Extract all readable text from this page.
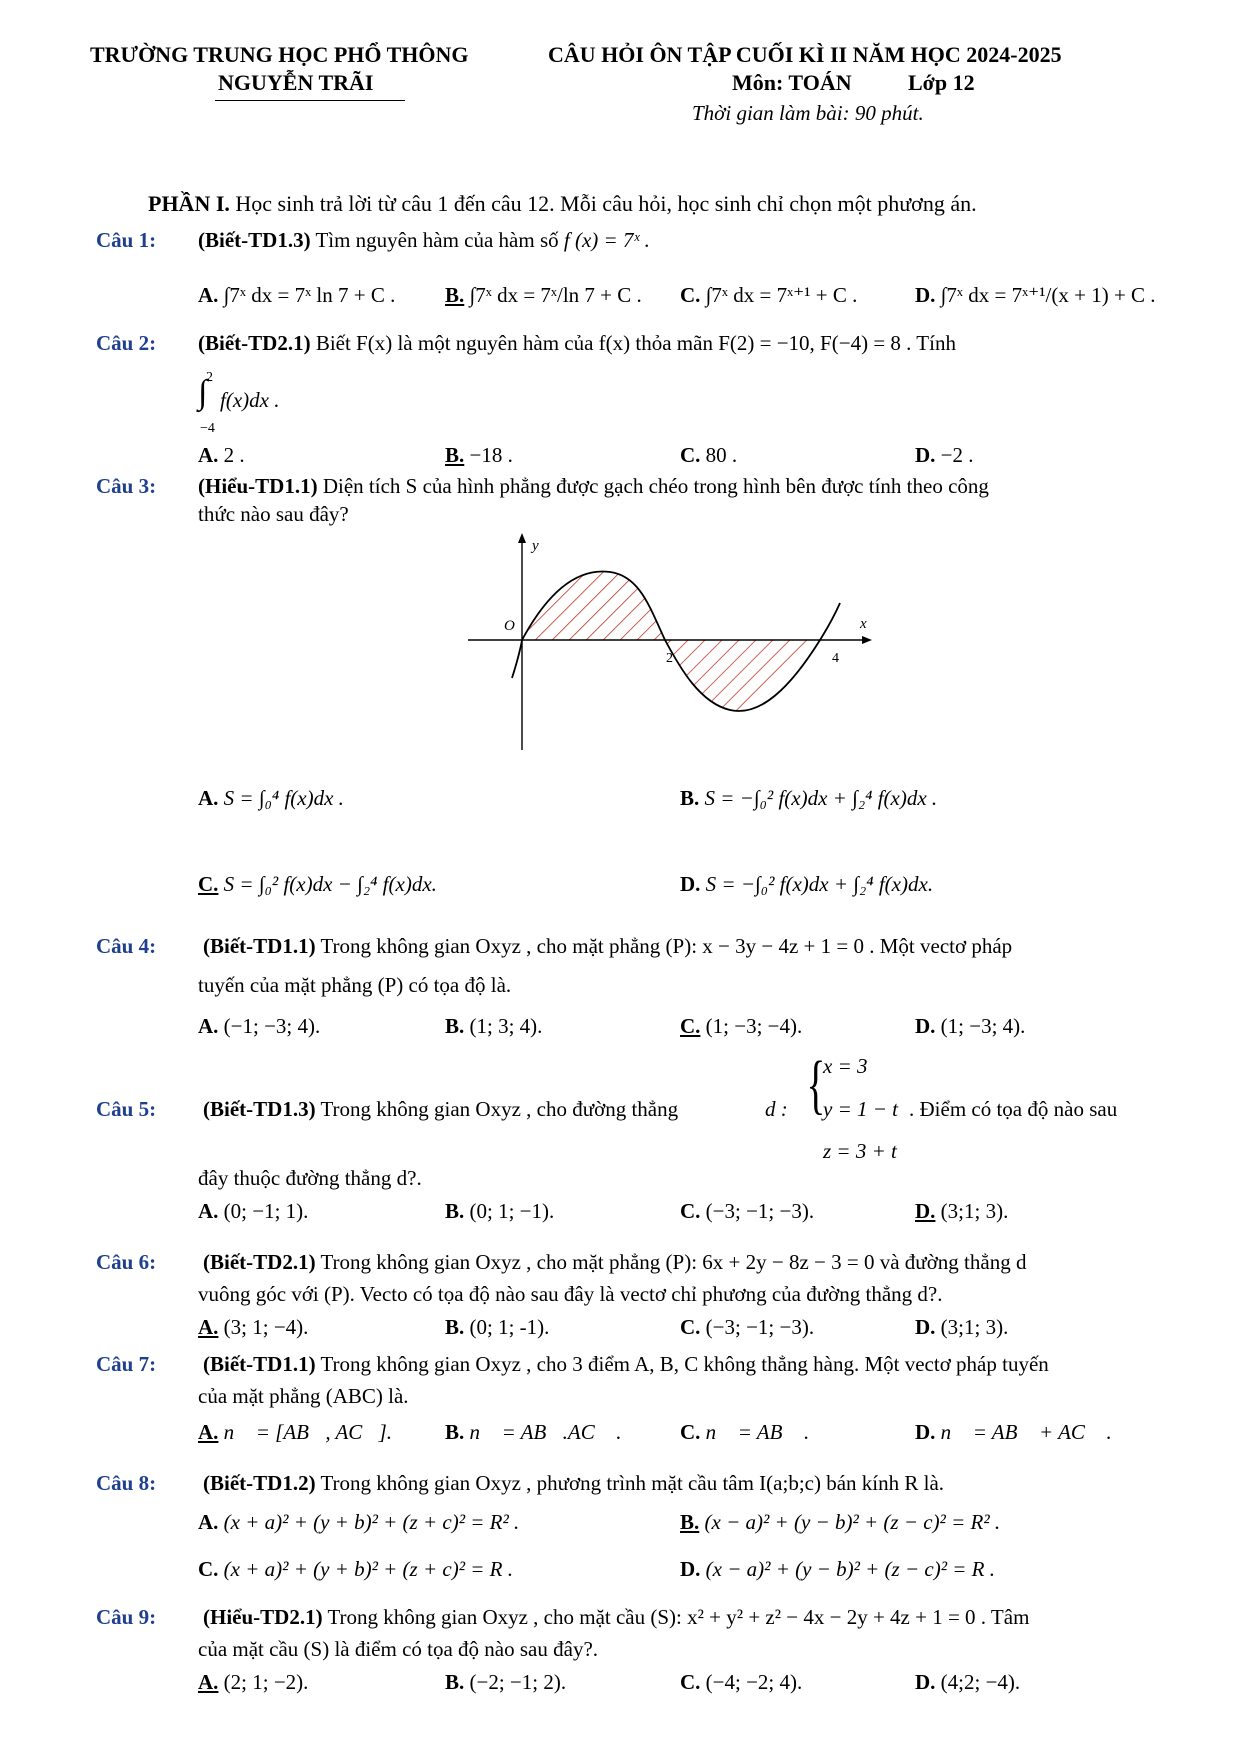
TRƯỜNG TRUNG HỌC PHỔ THÔNG
NGUYỄN TRÃI
CÂU HỎI ÔN TẬP CUỐI KÌ II NĂM HỌC 2024-2025
Môn: TOÁN	Lớp 12
Thời gian làm bài: 90 phút.
PHẦN I. Học sinh trả lời từ câu 1 đến câu 12. Mỗi câu hỏi, học sinh chỉ chọn một phương án.
Câu 1: (Biết-TD1.3) Tìm nguyên hàm của hàm số f (x) = 7ˣ .
A. ∫7ˣ dx = 7ˣ ln 7 + C . B. ∫7ˣ dx = 7ˣ/ln 7 + C . C. ∫7ˣ dx = 7ˣ⁺¹ + C .	D. ∫7ˣ dx = 7ˣ⁺¹/(x + 1) + C .
Câu 2: (Biết-TD2.1) Biết F(x) là một nguyên hàm của f(x) thỏa mãn F(2) = −10, F(−4) = 8 . Tính
2
∫
−4
f(x)dx .
A. 2 .	B. −18 .	C. 80 .	D. −2 .
Câu 3: (Hiểu-TD1.1) Diện tích S của hình phẳng được gạch chéo trong hình bên được tính theo công
thức nào sau đây?
y
O	x
2	4
A. S = ∫₀⁴ f(x)dx .	B. S = −∫₀² f(x)dx + ∫₂⁴ f(x)dx .
C. S = ∫₀² f(x)dx − ∫₂⁴ f(x)dx.	D. S = −∫₀² f(x)dx + ∫₂⁴ f(x)dx.
Câu 4: (Biết-TD1.1) Trong không gian Oxyz , cho mặt phẳng (P): x − 3y − 4z + 1 = 0 . Một vectơ pháp
tuyến của mặt phẳng (P) có tọa độ là.
A. (−1; −3; 4).	B. (1; 3; 4).	C. (1; −3; −4).	D. (1; −3; 4).
Câu 5: (Biết-TD1.3) Trong không gian Oxyz , cho đường thẳng	d : {
x = 3
y = 1 − t
z = 3 + t
. Điểm có tọa độ nào sau
đây thuộc đường thẳng d?.
A. (0; −1; 1).	B. (0; 1; −1).	C. (−3; −1; −3).	D. (3;1; 3).
Câu 6: (Biết-TD2.1) Trong không gian Oxyz , cho mặt phẳng (P): 6x + 2y − 8z − 3 = 0 và đường thẳng d
vuông góc với (P). Vecto có tọa độ nào sau đây là vectơ chỉ phương của đường thẳng d?.
A. (3; 1; −4).	B. (0; 1; -1).	C. (−3; −1; −3).	D. (3;1; 3).
Câu 7: (Biết-TD1.1) Trong không gian Oxyz , cho 3 điểm A, B, C không thẳng hàng. Một vectơ pháp tuyến
của mặt phẳng (ABC) là.
A. n⃗ = [AB⃗, AC⃗].	B. n⃗ = AB⃗.AC⃗ .	C. n⃗ = AB⃗ .	D. n⃗ = AB⃗ + AC⃗ .
Câu 8: (Biết-TD1.2) Trong không gian Oxyz , phương trình mặt cầu tâm I(a;b;c) bán kính R là.
A. (x + a)² + (y + b)² + (z + c)² = R² .	B. (x − a)² + (y − b)² + (z − c)² = R² .
C. (x + a)² + (y + b)² + (z + c)² = R .	D. (x − a)² + (y − b)² + (z − c)² = R .
Câu 9: (Hiểu-TD2.1) Trong không gian Oxyz , cho mặt cầu (S): x² + y² + z² − 4x − 2y + 4z + 1 = 0 . Tâm
của mặt cầu (S) là điểm có tọa độ nào sau đây?.
A. (2; 1; −2).	B. (−2; −1; 2).	C. (−4; −2; 4).	D. (4;2; −4).
